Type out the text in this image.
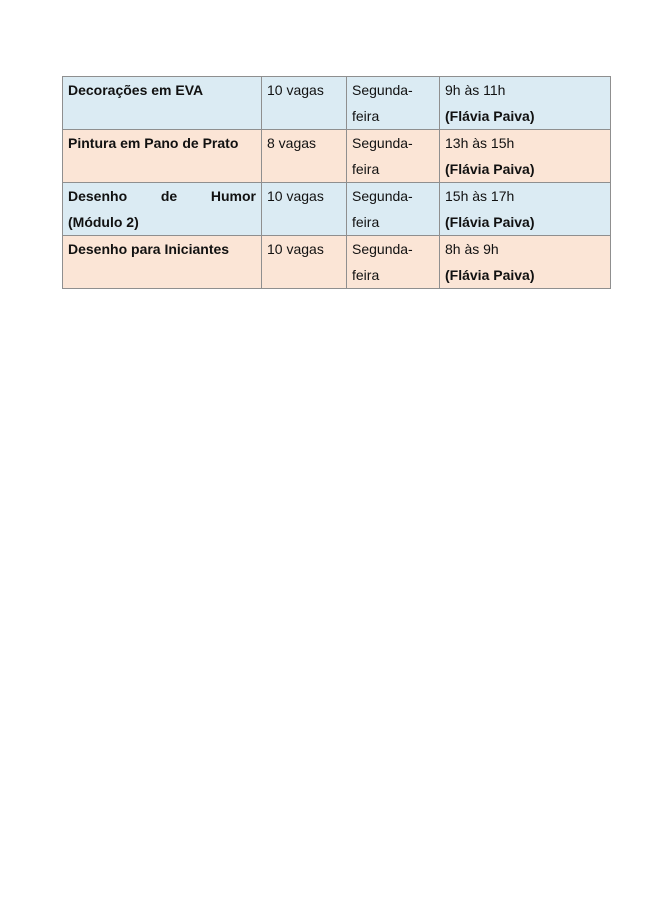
Decorações em EVA	10 vagas	Segunda-
feira	9h às 11h
(Flávia Paiva)

Pintura em Pano de Prato	8 vagas	Segunda-
feira	13h às 15h
(Flávia Paiva)

Desenho de Humor
(Módulo 2)	10 vagas	Segunda-
feira	15h às 17h
(Flávia Paiva)

Desenho para Iniciantes	10 vagas	Segunda-
feira	8h às 9h
(Flávia Paiva)
